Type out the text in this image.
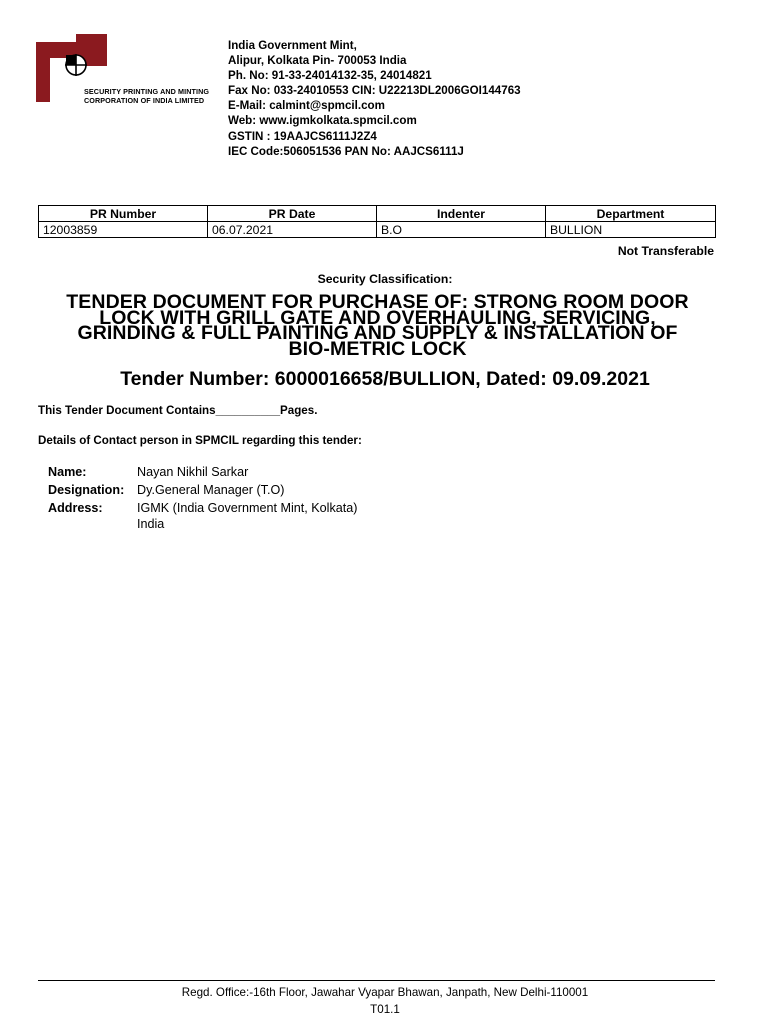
SECURITY PRINTING AND MINTING
CORPORATION OF INDIA LIMITED
India Government Mint,
Alipur, Kolkata Pin- 700053 India
Ph. No: 91-33-24014132-35, 24014821
Fax No: 033-24010553 CIN: U22213DL2006GOI144763
E-Mail: calmint@spmcil.com
Web: www.igmkolkata.spmcil.com
GSTIN : 19AAJCS6111J2Z4
IEC Code:506051536 PAN No: AAJCS6111J
PR Number	PR Date	Indenter	Department
12003859	06.07.2021	B.O	BULLION
Not Transferable
Security Classification:
TENDER DOCUMENT FOR PURCHASE OF: STRONG ROOM DOOR
LOCK WITH GRILL GATE AND OVERHAULING, SERVICING,
GRINDING & FULL PAINTING AND SUPPLY & INSTALLATION OF
BIO-METRIC LOCK
Tender Number: 6000016658/BULLION, Dated: 09.09.2021
This Tender Document Contains__________Pages.
Details of Contact person in SPMCIL regarding this tender:
Name:	Nayan Nikhil Sarkar
Designation: Dy.General Manager (T.O)
Address:	IGMK (India Government Mint, Kolkata)
India
Regd. Office:-16th Floor, Jawahar Vyapar Bhawan, Janpath, New Delhi-110001
T01.1
